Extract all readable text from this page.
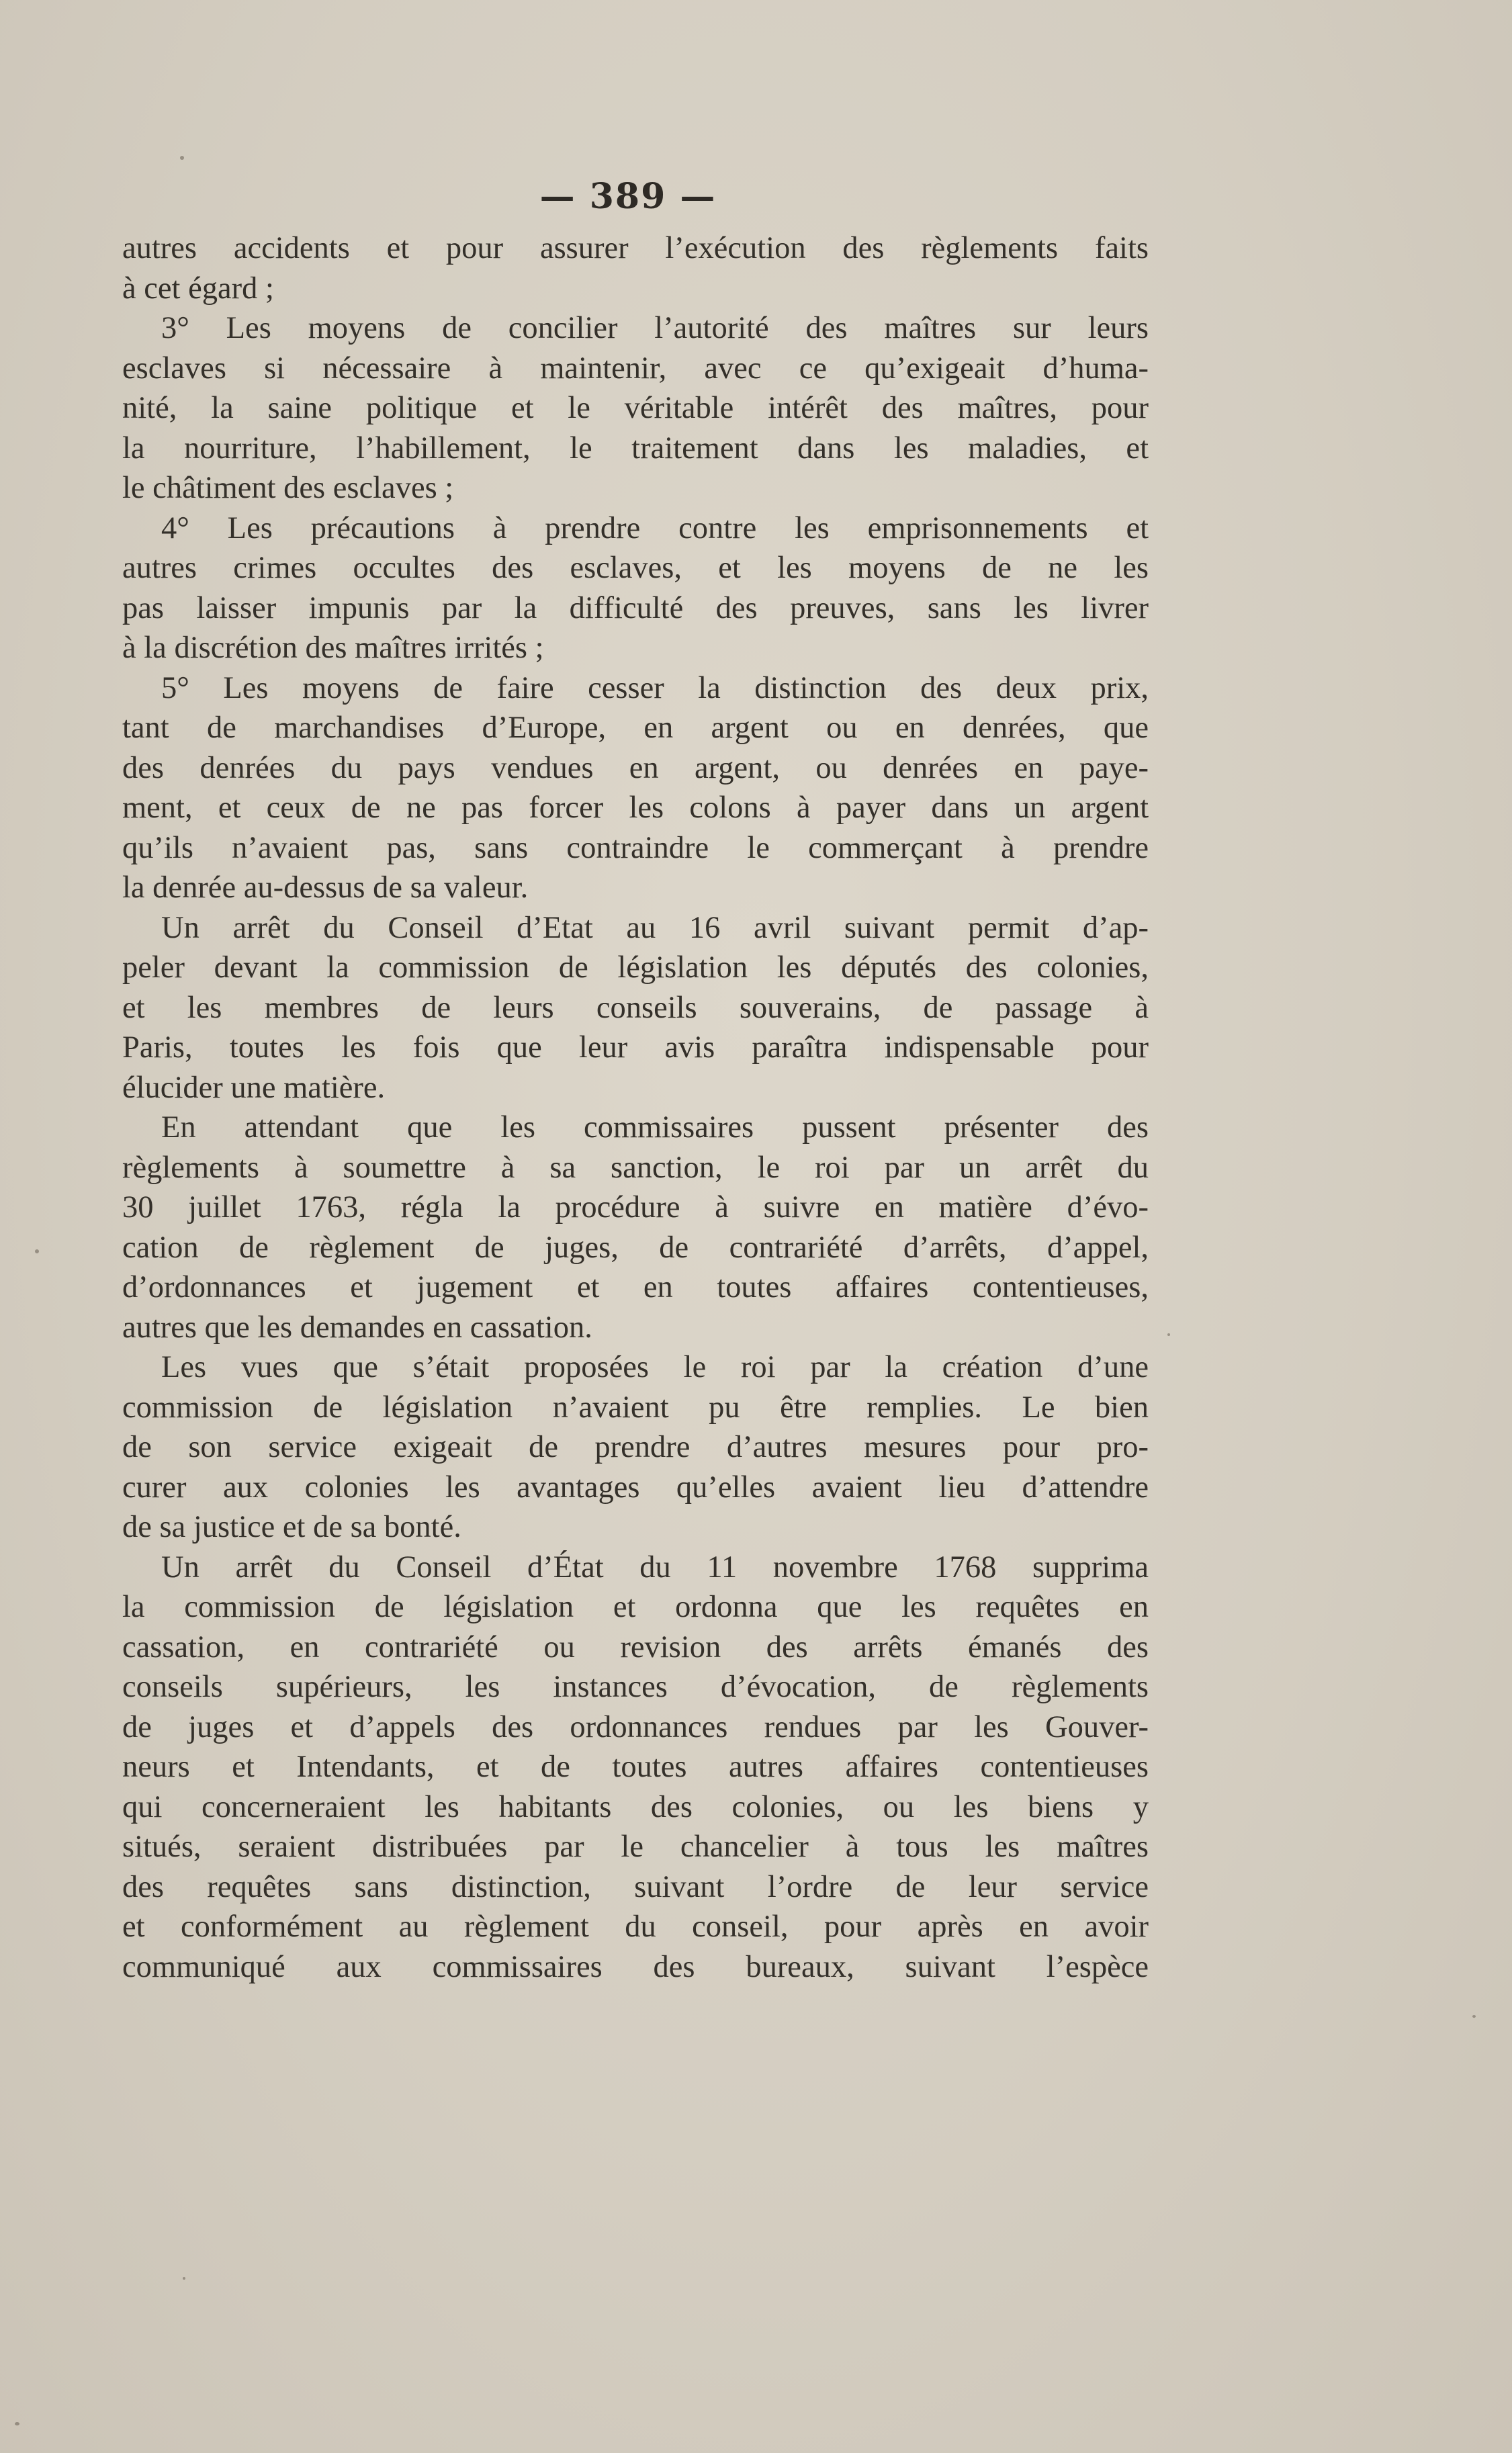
— 389 —
autres accidents et pour assurer l’exécution des règlements faits
à cet égard ;
3° Les moyens de concilier l’autorité des maîtres sur leurs
esclaves si nécessaire à maintenir, avec ce qu’exigeait d’huma-
nité, la saine politique et le véritable intérêt des maîtres, pour
la nourriture, l’habillement, le traitement dans les maladies, et
le châtiment des esclaves ;
4° Les précautions à prendre contre les emprisonnements et
autres crimes occultes des esclaves, et les moyens de ne les
pas laisser impunis par la difficulté des preuves, sans les livrer
à la discrétion des maîtres irrités ;
5° Les moyens de faire cesser la distinction des deux prix,
tant de marchandises d’Europe, en argent ou en denrées, que
des denrées du pays vendues en argent, ou denrées en paye-
ment, et ceux de ne pas forcer les colons à payer dans un argent
qu’ils n’avaient pas, sans contraindre le commerçant à prendre
la denrée au-dessus de sa valeur.
Un arrêt du Conseil d’Etat au 16 avril suivant permit d’ap-
peler devant la commission de législation les députés des colonies,
et les membres de leurs conseils souverains, de passage à
Paris, toutes les fois que leur avis paraîtra indispensable pour
élucider une matière.
En attendant que les commissaires pussent présenter des
règlements à soumettre à sa sanction, le roi par un arrêt du
30 juillet 1763, régla la procédure à suivre en matière d’évo-
cation de règlement de juges, de contrariété d’arrêts, d’appel,
d’ordonnances et jugement et en toutes affaires contentieuses,
autres que les demandes en cassation.
Les vues que s’était proposées le roi par la création d’une
commission de législation n’avaient pu être remplies. Le bien
de son service exigeait de prendre d’autres mesures pour pro-
curer aux colonies les avantages qu’elles avaient lieu d’attendre
de sa justice et de sa bonté.
Un arrêt du Conseil d’État du 11 novembre 1768 supprima
la commission de législation et ordonna que les requêtes en
cassation, en contrariété ou revision des arrêts émanés des
conseils supérieurs, les instances d’évocation, de règlements
de juges et d’appels des ordonnances rendues par les Gouver-
neurs et Intendants, et de toutes autres affaires contentieuses
qui concerneraient les habitants des colonies, ou les biens y
situés, seraient distribuées par le chancelier à tous les maîtres
des requêtes sans distinction, suivant l’ordre de leur service
et conformément au règlement du conseil, pour après en avoir
communiqué aux commissaires des bureaux, suivant l’espèce
